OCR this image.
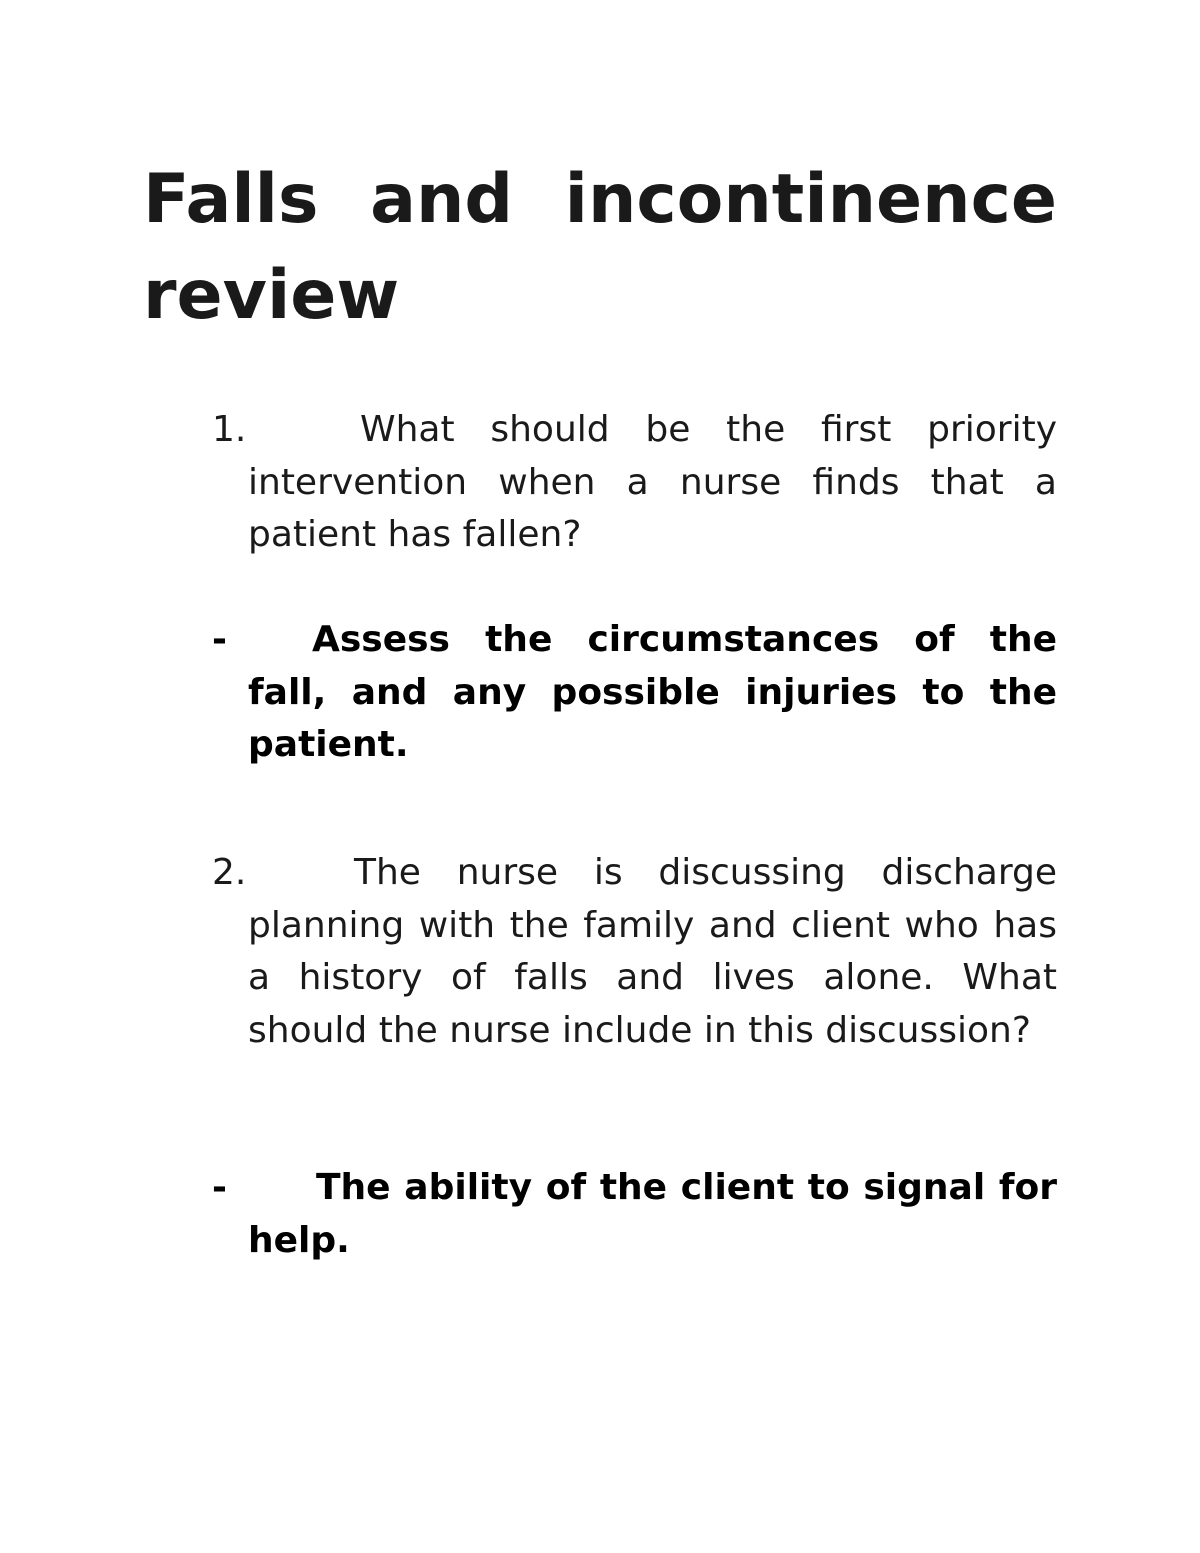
Falls and incontinence review
1.	What should be the first priority intervention when a nurse finds that a patient has fallen?
-	Assess the circumstances of the fall, and any possible injuries to the patient.
2.	The nurse is discussing discharge planning with the family and client who has a history of falls and lives alone. What should the nurse include in this discussion?
-	The ability of the client to signal for help.
